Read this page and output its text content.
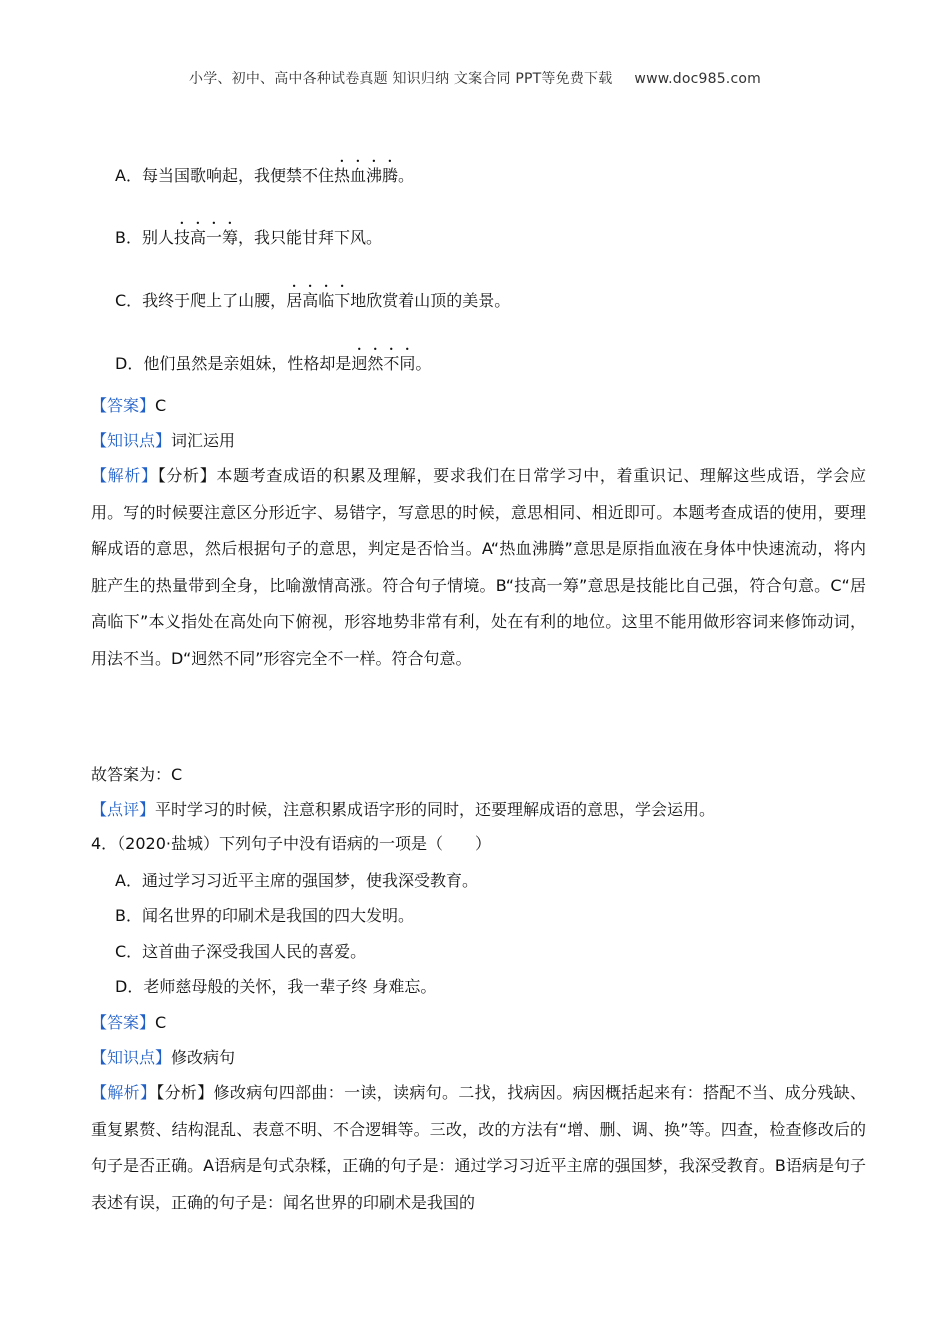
小学、初中、高中各种试卷真题 知识归纳 文案合同 PPT等免费下载 www.doc985.com
A．每当国歌响起，我便禁不住热血沸腾。
B．别人技高一筹，我只能甘拜下风。
C．我终于爬上了山腰，居高临下地欣赏着山顶的美景。
D．他们虽然是亲姐妹，性格却是迥然不同。
【答案】C
【知识点】词汇运用
【解析】【分析】本题考查成语的积累及理解，要求我们在日常学习中，着重识记、理解这些成语，学会应用。写的时候要注意区分形近字、易错字，写意思的时候，意思相同、相近即可。本题考查成语的使用，要理解成语的意思，然后根据句子的意思，判定是否恰当。A“热血沸腾”意思是原指血液在身体中快速流动，将内脏产生的热量带到全身，比喻激情高涨。符合句子情境。B“技高一筹”意思是技能比自己强，符合句意。C“居高临下”本义指处在高处向下俯视，形容地势非常有利，处在有利的地位。这里不能用做形容词来修饰动词，用法不当。D“迥然不同”形容完全不一样。符合句意。
故答案为：C
【点评】平时学习的时候，注意积累成语字形的同时，还要理解成语的意思，学会运用。
4．（2020·盐城）下列句子中没有语病的一项是（　　）
A．通过学习习近平主席的强国梦，使我深受教育。
B．闻名世界的印刷术是我国的四大发明。
C．这首曲子深受我国人民的喜爱。
D．老师慈母般的关怀，我一辈子终 身难忘。
【答案】C
【知识点】修改病句
【解析】【分析】修改病句四部曲：一读，读病句。二找，找病因。病因概括起来有：搭配不当、成分残缺、重复累赘、结构混乱、表意不明、不合逻辑等。三改，改的方法有“增、删、调、换”等。四查，检查修改后的句子是否正确。A语病是句式杂糅，正确的句子是：通过学习习近平主席的强国梦，我深受教育。B语病是句子表述有误，正确的句子是：闻名世界的印刷术是我国的
